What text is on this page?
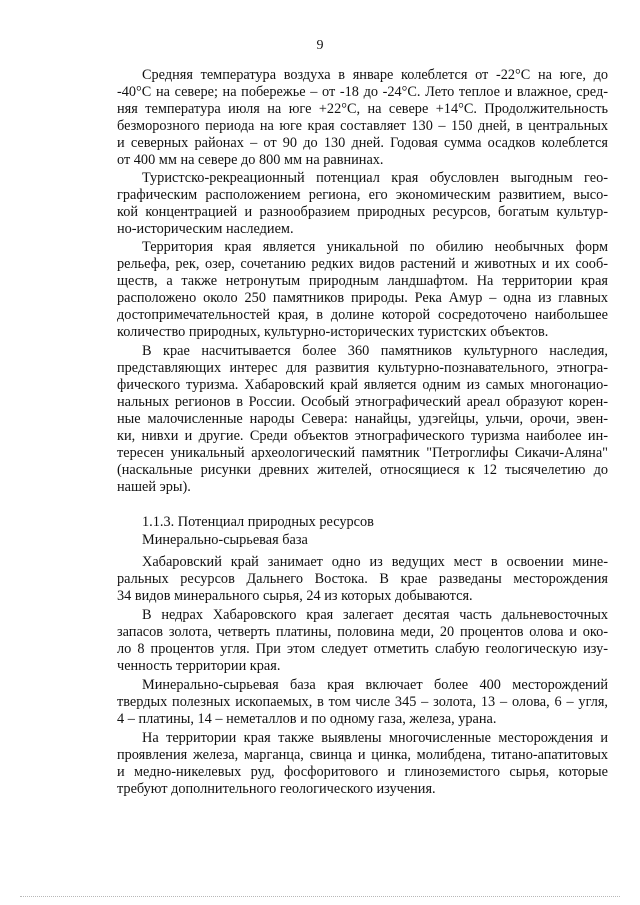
9
Средняя температура воздуха в январе колеблется от -22°С на юге, до
-40°С на севере; на побережье – от -18 до -24°С. Лето теплое и влажное, сред-
няя температура июля на юге +22°С, на севере +14°С. Продолжительность
безморозного периода на юге края составляет 130 – 150 дней, в центральных
и северных районах – от 90 до 130 дней. Годовая сумма осадков колеблется
от 400 мм на севере до 800 мм на равнинах.
Туристско-рекреационный потенциал края обусловлен выгодным гео-
графическим расположением региона, его экономическим развитием, высо-
кой концентрацией и разнообразием природных ресурсов, богатым культур-
но-историческим наследием.
Территория края является уникальной по обилию необычных форм
рельефа, рек, озер, сочетанию редких видов растений и животных и их сооб-
ществ, а также нетронутым природным ландшафтом. На территории края
расположено около 250 памятников природы. Река Амур – одна из главных
достопримечательностей края, в долине которой сосредоточено наибольшее
количество природных, культурно-исторических туристских объектов.
В крае насчитывается более 360 памятников культурного наследия,
представляющих интерес для развития культурно-познавательного, этногра-
фического туризма. Хабаровский край является одним из самых многонацио-
нальных регионов в России. Особый этнографический ареал образуют корен-
ные малочисленные народы Севера: нанайцы, удэгейцы, ульчи, орочи, эвен-
ки, нивхи и другие. Среди объектов этнографического туризма наиболее ин-
тересен уникальный археологический памятник "Петроглифы Сикачи-Аляна"
(наскальные рисунки древних жителей, относящиеся к 12 тысячелетию до
нашей эры).
1.1.3. Потенциал природных ресурсов
Минерально-сырьевая база
Хабаровский край занимает одно из ведущих мест в освоении мине-
ральных ресурсов Дальнего Востока. В крае разведаны месторождения
34 видов минерального сырья, 24 из которых добываются.
В недрах Хабаровского края залегает десятая часть дальневосточных
запасов золота, четверть платины, половина меди, 20 процентов олова и око-
ло 8 процентов угля. При этом следует отметить слабую геологическую изу-
ченность территории края.
Минерально-сырьевая база края включает более 400 месторождений
твердых полезных ископаемых, в том числе 345 – золота, 13 – олова, 6 – угля,
4 – платины, 14 – неметаллов и по одному газа, железа, урана.
На территории края также выявлены многочисленные месторождения и
проявления железа, марганца, свинца и цинка, молибдена, титано-апатитовых
и медно-никелевых руд, фосфоритового и глиноземистого сырья, которые
требуют дополнительного геологического изучения.
